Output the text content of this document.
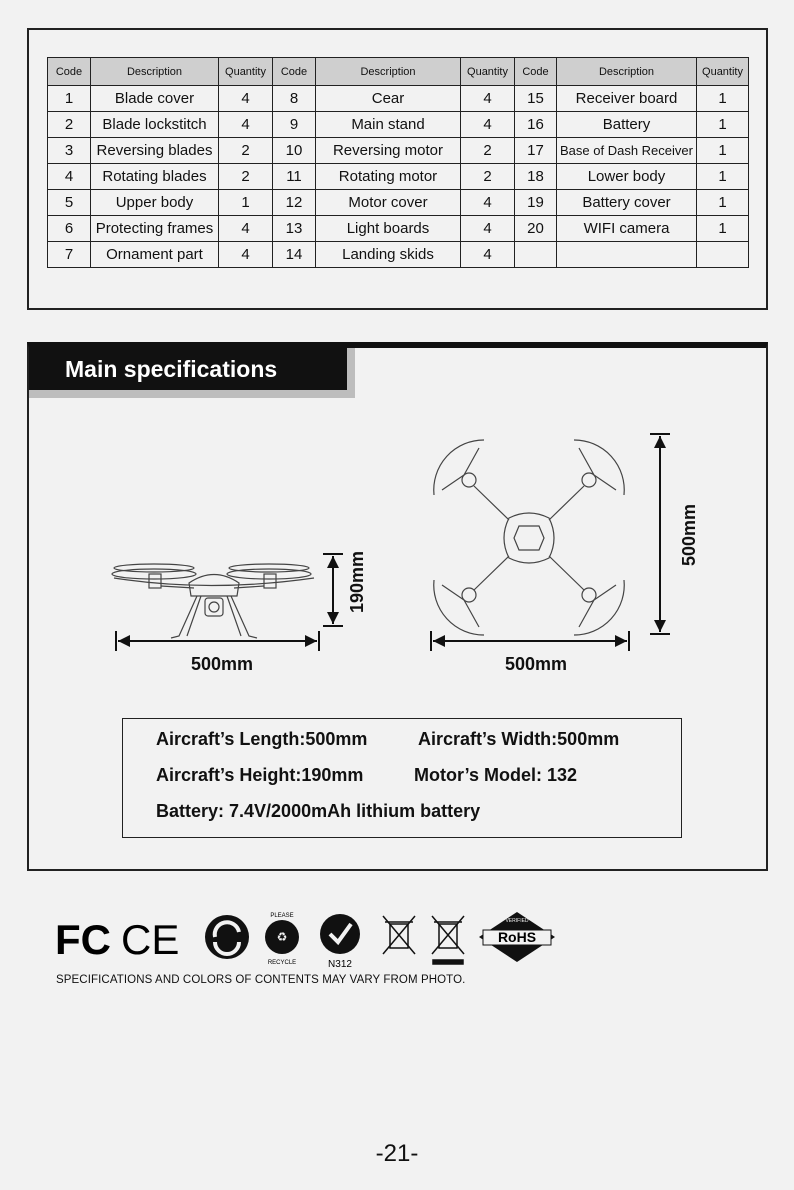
Code	Description	Quantity	Code	Description	Quantity	Code	Description	Quantity
1	Blade cover	4	8	Cear	4	15	Receiver board	1
2	Blade lockstitch	4	9	Main stand	4	16	Battery	1
3	Reversing blades	2	10	Reversing motor	2	17	Base of Dash Receiver	1
4	Rotating blades	2	11	Rotating motor	2	18	Lower body	1
5	Upper body	1	12	Motor cover	4	19	Battery cover	1
6	Protecting frames	4	13	Light boards	4	20	WIFI camera	1
7	Ornament part	4	14	Landing skids	4			
Main specifications
500mm
190mm
500mm
500mm
Aircraft’s Length:500mm	Aircraft’s Width:500mm
Aircraft’s Height:190mm	Motor’s Model: 132
Battery: 7.4V/2000mAh lithium battery
FC CE	♻
PLEASE
RECYCLE	N312
VERIFIED
RoHS
SPECIFICATIONS AND COLORS OF CONTENTS MAY VARY FROM PHOTO.
-21-
